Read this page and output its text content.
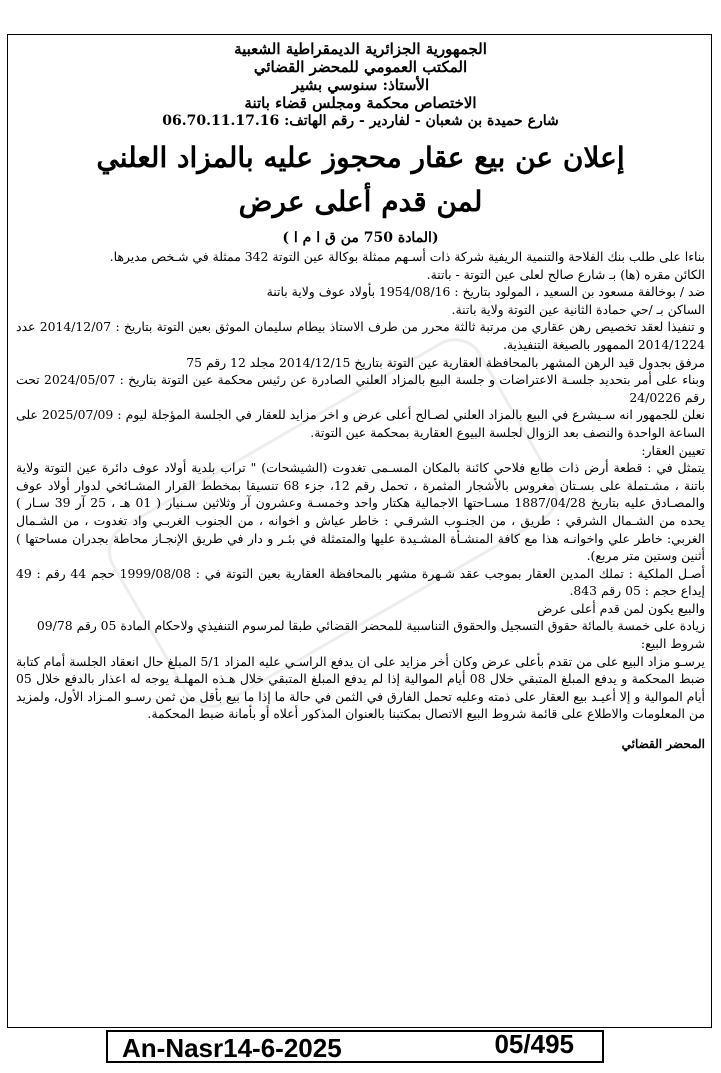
الجمهورية الجزائرية الديمقراطية الشعبية
المكتب العمومي للمحضر القضائي
الأستاذ: سنوسي بشير
الاختصاص محكمة ومجلس قضاء باتنة
شارع حميدة بن شعبان - لفاردير - رقم الهاتف: 06.70.11.17.16
إعلان عن بيع عقار محجوز عليه بالمزاد العلني
لمن قدم أعلى عرض
(المادة 750 من ق ا م ا )

بناءا على طلب بنك الفلاحة والتنمية الريفية شركة ذات أسـهم ممثلة بوكالة عين التوتة 342 ممثلة في شـخص مديرها.

الكائن مقره (ها) بـ شارع صالح لعلى عين التوتة - باتنة.

ضد / بوخالفة مسعود بن السعيد ، المولود بتاريخ : 1954/08/16 بأولاد عوف ولاية باتنة

الساكن بـ /حي حمادة الثانية عين التوتة ولاية باتنة.

و تنفيذا لعقد تخصيص رهن عقاري من مرتبة ثالثة محرر من طرف الاستاذ بيطام سليمان الموثق بعين التوتة بتاريخ : 2014/12/07 عدد 2014/1224 الممهور بالصيغة التنفيذية.

مرفق بجدول قيد الرهن المشهر بالمحافظة العقارية عين التوتة بتاريخ 2014/12/15 مجلد 12 رقم 75

وبناء على أمر بتحديد جلسـة الاعتراضات و جلسة البيع بالمزاد العلني الصادرة عن رئيس محكمة عين التوتة بتاريخ : 2024/05/07 تحت رقم 24/0226

نعلن للجمهور انه سـيشرع في البيع بالمزاد العلني لصـالح أعلى عرض و اخر مزايد للعقار في الجلسة المؤجلة ليوم : 2025/07/09 على الساعة الواحدة والنصف بعد الزوال لجلسة البيوع العقارية بمحكمة عين التوتة.

تعيين العقار:

يتمثل في : قطعة أرض ذات طابع فلاحي كائنة بالمكان المسـمى تغدوت (الشيشحات) " تراب بلدية أولاد عوف دائرة عين التوتة ولاية باتنة ، مشـتملة على بسـتان مغروس بالأشجار المثمرة ، تحمل رقم 12، جزء 68 تنسيقا بمخطط القرار المشـائخي لدوار أولاد عوف والمصـادق عليه بتاريخ 1887/04/28 مسـاحتها الاجمالية هكتار واحد وخمسـة وعشرون آر وثلاثين سـنيار ( 01 هـ ، 25 آر 39 سـار ) يحده من الشـمال الشرقي : طريق ، من الجنـوب الشرقـي : خاطر عياش و اخوانه ، من الجنوب الغربـي واد تغدوت ، من الشـمال الغربي: خاطر علي واخوانـه هذا مع كافة المنشـأة المشـيدة عليها والمتمثلة في بئـر و دار في طريق الإنجـاز محاطة بجدران مساحتها ) أثنين وستين متر مربع).

أصـل الملكية : تملك المدين العقار بموجب عقد شـهرة مشهر بالمحافظة العقارية بعين التوتة في : 1999/08/08 حجم 44 رقم : 49 إيداع حجم : 05 رقم 843.

والبيع يكون لمن قدم أعلى عرض

زيادة على خمسة بالمائة حقوق التسجيل والحقوق التناسبية للمحضر القضائي طبقا لمرسوم التنفيذي ولاحكام المادة 05 رقم 09/78

شروط البيع:

يرسـو مزاد البيع على من تقدم بأعلى عرض وكان أخر مزايد على ان يدفع الراسـي عليه المزاد 5/1 المبلغ حال انعقاد الجلسة أمام كتابة ضبط المحكمة و يدفع المبلغ المتبقي خلال 08 أيام الموالية إذا لم يدفع المبلغ المتبقي خلال هـذه المهلـة يوجه له اعذار بالدفع خلال 05 أيام الموالية و إلا أعيـد بيع العقار على ذمته وعليه تحمل الفارق في الثمن في حالة ما إذا ما بيع بأقل من ثمن رسـو المـزاد الأول، ولمزيد من المعلومات والاطلاع على قائمة شروط البيع الاتصال بمكتبنا بالعنوان المذكور أعلاه أو بأمانة ضبط المحكمة.

المحضر القضائي
An-Nasr14-6-2025	05/495
